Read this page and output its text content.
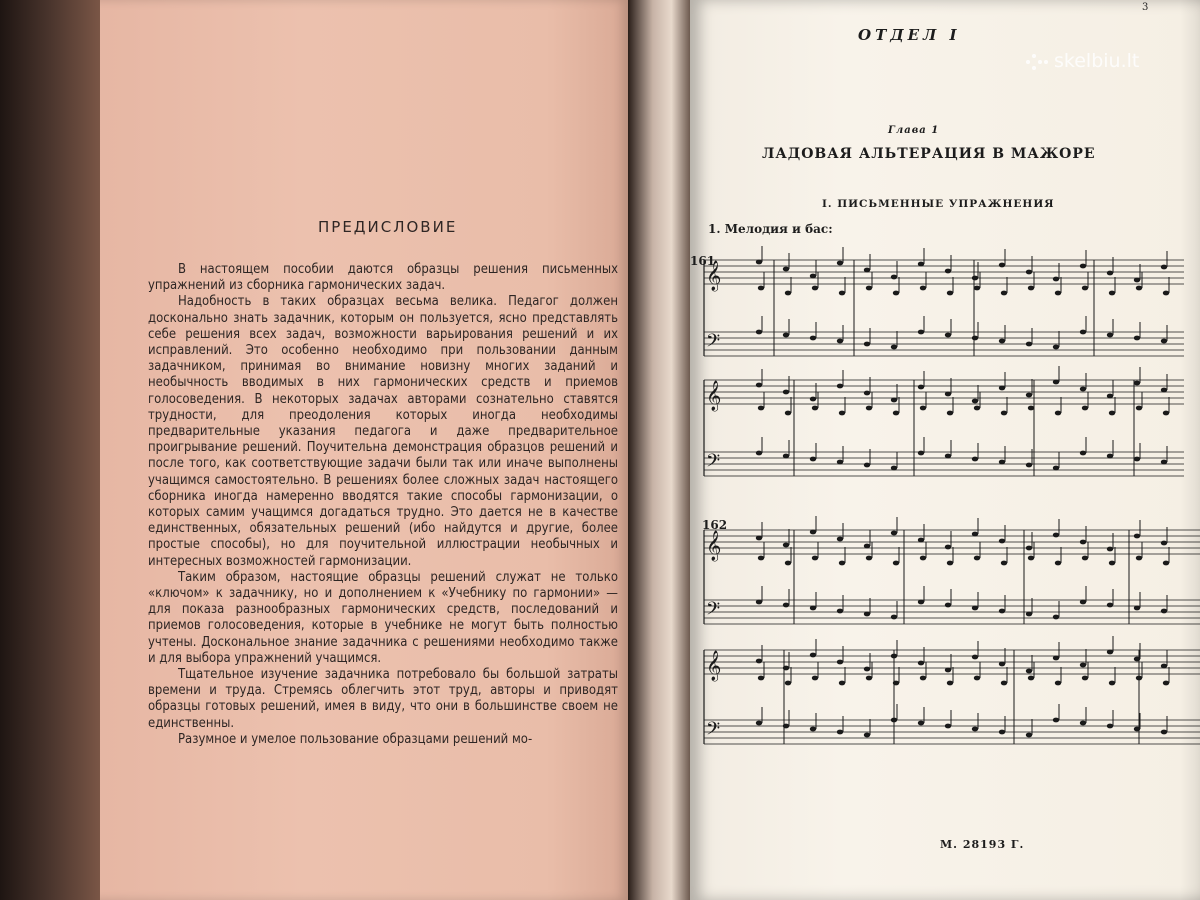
ПРЕДИСЛОВИЕ

В настоящем пособии даются образцы решения письменных упражнений из сборника гармонических задач.

Надобность в таких образцах весьма велика. Педагог должен досконально знать задачник, которым он пользуется, ясно представлять себе решения всех задач, возможности варьирования решений и их исправлений. Это особенно необходимо при пользовании данным задачником, принимая во внимание новизну многих заданий и необычность вводимых в них гармонических средств и приемов голосоведения. В некоторых задачах авторами сознательно ставятся трудности, для преодоления которых иногда необходимы предварительные указания педагога и даже предварительное проигрывание решений. Поучительна демонстрация образцов решений и после того, как соответствующие задачи были так или иначе выполнены учащимся самостоятельно. В решениях более сложных задач настоящего сборника иногда намеренно вводятся такие способы гармонизации, о которых самим учащимся догадаться трудно. Это дается не в качестве единственных, обязательных решений (ибо найдутся и другие, более простые способы), но для поучительной иллюстрации необычных и интересных возможностей гармонизации.

Таким образом, настоящие образцы решений служат не только «ключом» к задачнику, но и дополнением к «Учебнику по гармонии» — для показа разнообразных гармонических средств, последований и приемов голосоведения, которые в учебнике не могут быть полностью учтены. Доскональное знание задачника с решениями необходимо также и для выбора упражнений учащимся.

Тщательное изучение задачника потребовало бы большой затраты времени и труда. Стремясь облегчить этот труд, авторы и приводят образцы готовых решений, имея в виду, что они в большинстве своем не единственны.

Разумное и умелое пользование образцами решений мо-

3
ОТДЕЛ I
Глава 1
ЛАДОВАЯ АЛЬТЕРАЦИЯ В МАЖОРЕ
I. ПИСЬМЕННЫЕ УПРАЖНЕНИЯ
1. Мелодия и бас:
161
162
𝄞
𝄢
𝄞
𝄢
𝄞
𝄢
𝄞
𝄢
М. 28193 Г.
skelbiu.lt
